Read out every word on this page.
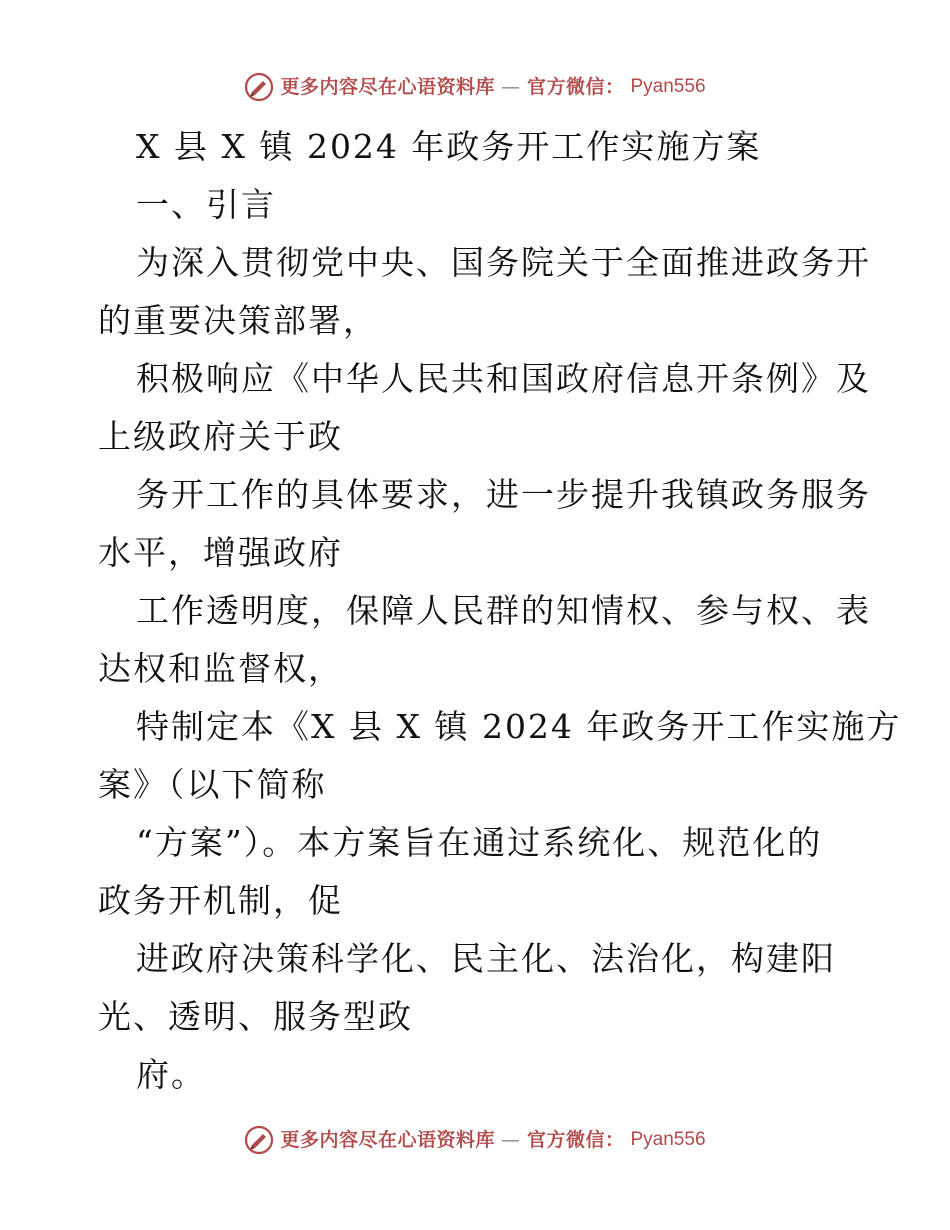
更多内容尽在心语资料库 — 官方微信： Pyan556
X 县 X 镇 2024 年政务开工作实施方案
一、引言
为深入贯彻党中央、国务院关于全面推进政务开
的重要决策部署，
积极响应《中华人民共和国政府信息开条例》及
上级政府关于政
务开工作的具体要求，进一步提升我镇政务服务
水平，增强政府
工作透明度，保障人民群的知情权、参与权、表
达权和监督权，
特制定本《X 县 X 镇 2024 年政务开工作实施方
案》（以下简称
“方案”）。本方案旨在通过系统化、规范化的
政务开机制，促
进政府决策科学化、民主化、法治化，构建阳
光、透明、服务型政
府。
更多内容尽在心语资料库 — 官方微信： Pyan556
